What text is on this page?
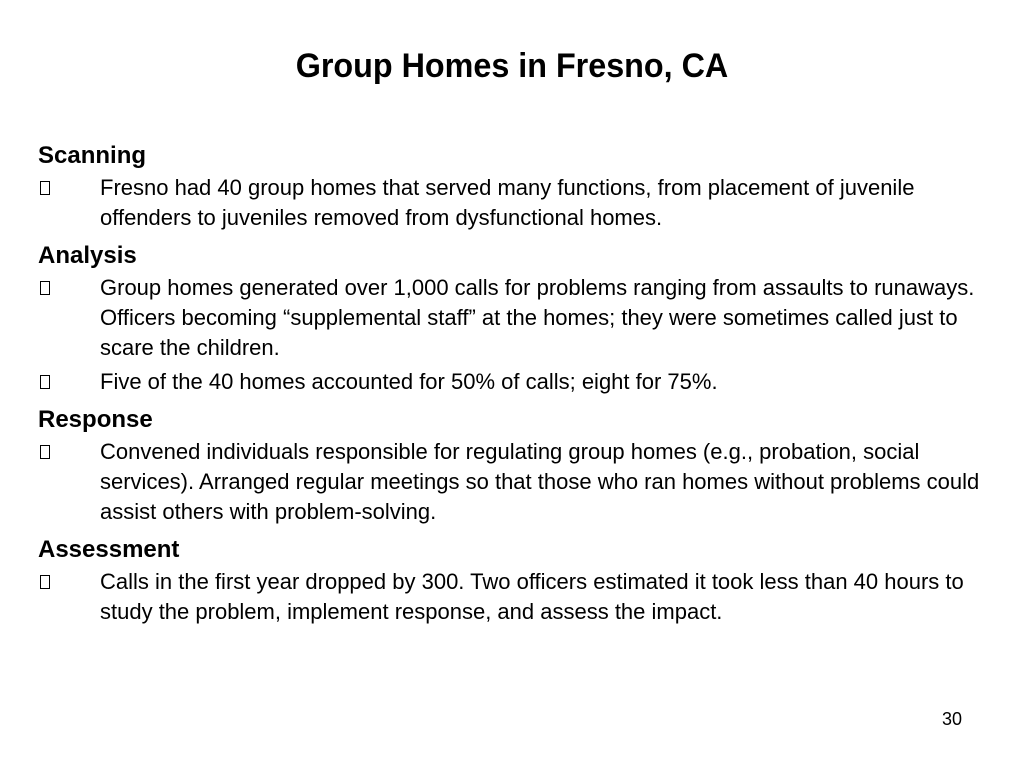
Group Homes in Fresno, CA
Scanning
Fresno had 40 group homes that served many functions, from placement of juvenile offenders to juveniles removed from dysfunctional homes.
Analysis
Group homes generated over 1,000 calls for problems ranging from assaults to runaways. Officers becoming “supplemental staff” at the homes; they were sometimes called just to scare the children.
Five of the 40 homes accounted for 50% of calls; eight for 75%.
Response
Convened individuals responsible for regulating group homes (e.g., probation, social services). Arranged regular meetings so that those who ran homes without problems could assist others with problem-solving.
Assessment
Calls in the first year dropped by 300. Two officers estimated it took less than 40 hours to study the problem, implement response, and assess the impact.
30
